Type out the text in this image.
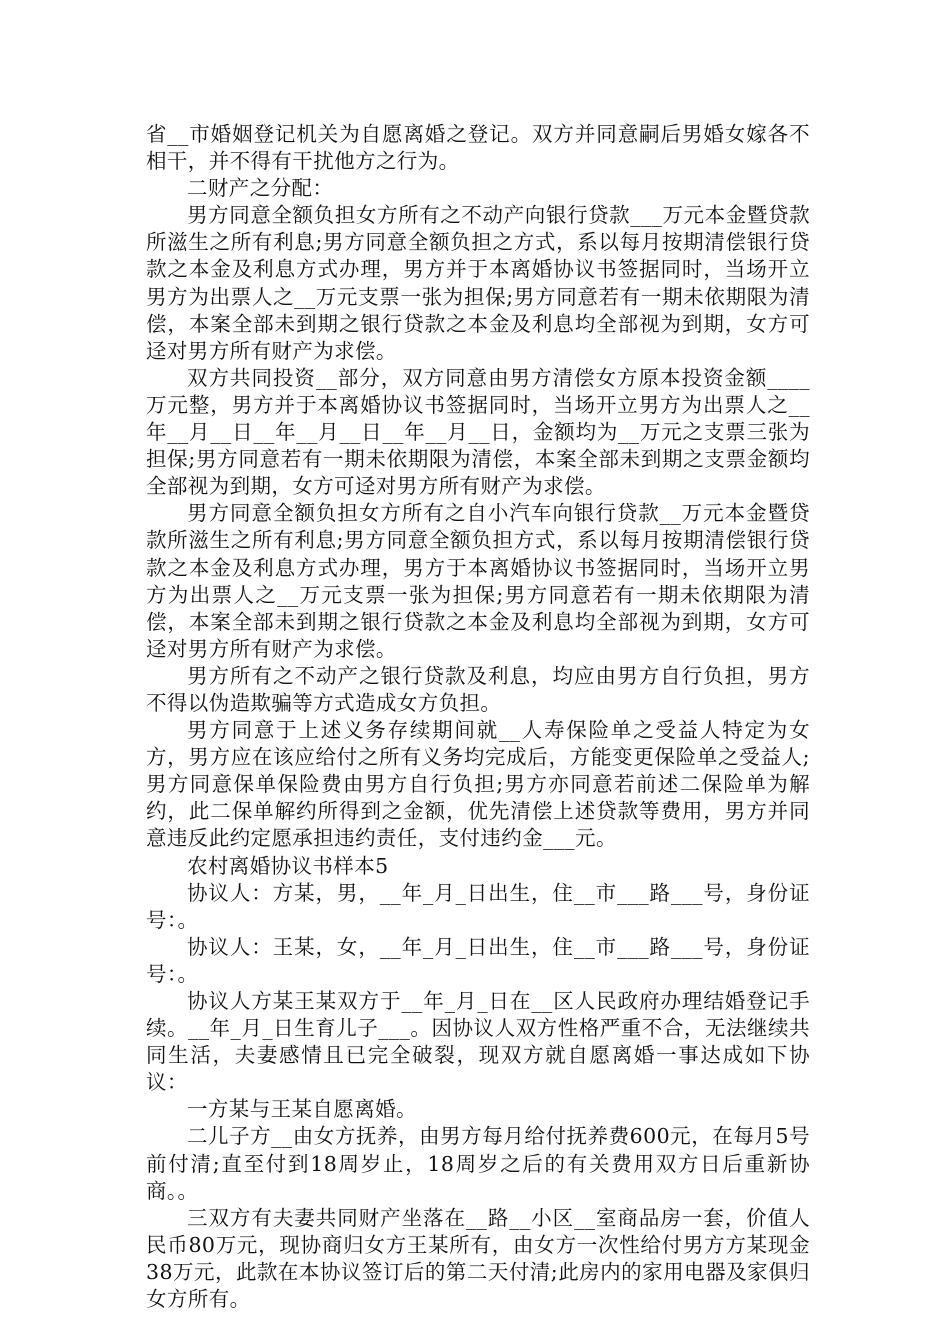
省__市婚姻登记机关为自愿离婚之登记。双方并同意嗣后男婚女嫁各不相干，并不得有干扰他方之行为。

二财产之分配：

男方同意全额负担女方所有之不动产向银行贷款___万元本金暨贷款所滋生之所有利息;男方同意全额负担之方式，系以每月按期清偿银行贷款之本金及利息方式办理，男方并于本离婚协议书签据同时，当场开立男方为出票人之__万元支票一张为担保;男方同意若有一期未依期限为清偿，本案全部未到期之银行贷款之本金及利息均全部视为到期，女方可迳对男方所有财产为求偿。

双方共同投资__部分，双方同意由男方清偿女方原本投资金额____万元整，男方并于本离婚协议书签据同时，当场开立男方为出票人之__年__月__日__年__月__日__年__月__日，金额均为__万元之支票三张为担保;男方同意若有一期未依期限为清偿，本案全部未到期之支票金额均全部视为到期，女方可迳对男方所有财产为求偿。

男方同意全额负担女方所有之自小汽车向银行贷款__万元本金暨贷款所滋生之所有利息;男方同意全额负担方式，系以每月按期清偿银行贷款之本金及利息方式办理，男方于本离婚协议书签据同时，当场开立男方为出票人之__万元支票一张为担保;男方同意若有一期未依期限为清偿，本案全部未到期之银行贷款之本金及利息均全部视为到期，女方可迳对男方所有财产为求偿。

男方所有之不动产之银行贷款及利息，均应由男方自行负担，男方不得以伪造欺骗等方式造成女方负担。

男方同意于上述义务存续期间就__人寿保险单之受益人特定为女方，男方应在该应给付之所有义务均完成后，方能变更保险单之受益人;男方同意保单保险费由男方自行负担;男方亦同意若前述二保险单为解约，此二保单解约所得到之金额，优先清偿上述贷款等费用，男方并同意违反此约定愿承担违约责任，支付违约金___元。

农村离婚协议书样本5

协议人：方某，男，__年_月_日出生，住__市___路___号，身份证号：。

协议人：王某，女，__年_月_日出生，住__市___路___号，身份证号：。

协议人方某王某双方于__年_月_日在__区人民政府办理结婚登记手续。__年_月_日生育儿子___。因协议人双方性格严重不合，无法继续共同生活，夫妻感情且已完全破裂，现双方就自愿离婚一事达成如下协议：

一方某与王某自愿离婚。

二儿子方__由女方抚养，由男方每月给付抚养费600元，在每月5号前付清;直至付到18周岁止，18周岁之后的有关费用双方日后重新协商。。

三双方有夫妻共同财产坐落在__路__小区__室商品房一套，价值人民币80万元，现协商归女方王某所有，由女方一次性给付男方方某现金38万元，此款在本协议签订后的第二天付清;此房内的家用电器及家俱归女方所有。
